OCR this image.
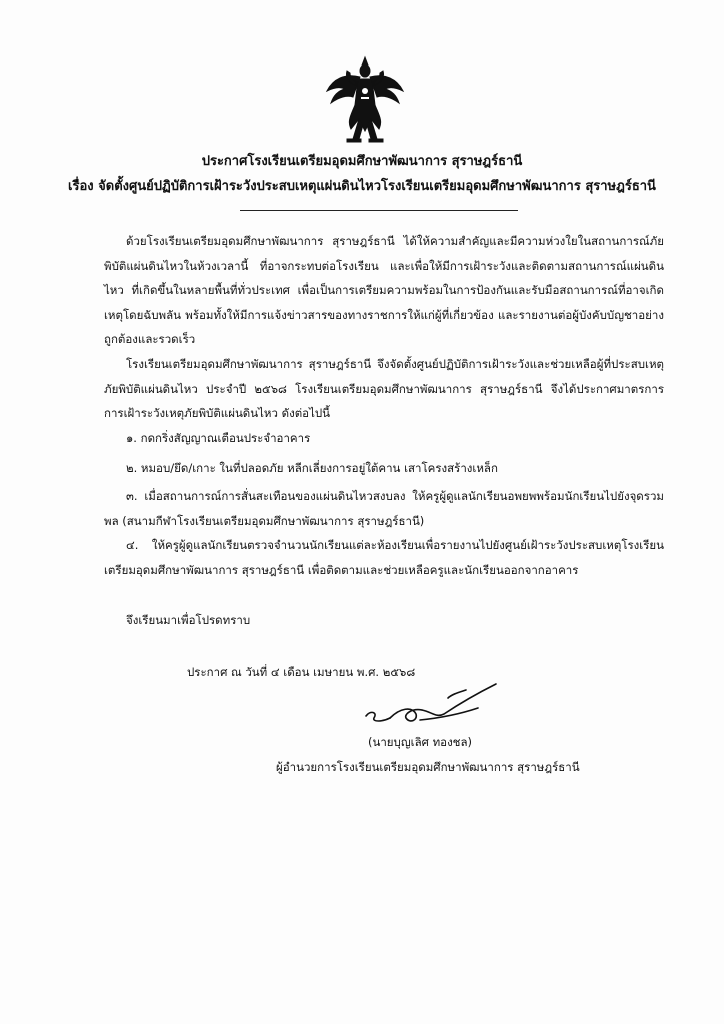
ประกาศโรงเรียนเตรียมอุดมศึกษาพัฒนาการ สุราษฎร์ธานี
เรื่อง จัดตั้งศูนย์ปฏิบัติการเฝ้าระวังประสบเหตุแผ่นดินไหวโรงเรียนเตรียมอุดมศึกษาพัฒนาการ สุราษฎร์ธานี
ด้วยโรงเรียนเตรียมอุดมศึกษาพัฒนาการ สุราษฎร์ธานี ได้ให้ความสำคัญและมีความห่วงใยในสถานการณ์ภัยพิบัติแผ่นดินไหวในห้วงเวลานี้ ที่อาจกระทบต่อโรงเรียน และเพื่อให้มีการเฝ้าระวังและติดตามสถานการณ์แผ่นดินไหว ที่เกิดขึ้นในหลายพื้นที่ทั่วประเทศ เพื่อเป็นการเตรียมความพร้อมในการป้องกันและรับมือสถานการณ์ที่อาจเกิดเหตุโดยฉับพลัน พร้อมทั้งให้มีการแจ้งข่าวสารของทางราชการให้แก่ผู้ที่เกี่ยวข้อง และรายงานต่อผู้บังคับบัญชาอย่างถูกต้องและรวดเร็ว
โรงเรียนเตรียมอุดมศึกษาพัฒนาการ สุราษฎร์ธานี จึงจัดตั้งศูนย์ปฏิบัติการเฝ้าระวังและช่วยเหลือผู้ที่ประสบเหตุภัยพิบัติแผ่นดินไหว ประจำปี ๒๕๖๘ โรงเรียนเตรียมอุดมศึกษาพัฒนาการ สุราษฎร์ธานี จึงได้ประกาศมาตรการ การเฝ้าระวังเหตุภัยพิบัติแผ่นดินไหว ดังต่อไปนี้
๑. กดกริ่งสัญญาณเตือนประจำอาคาร
๒. หมอบ/ยึด/เกาะ ในที่ปลอดภัย หลีกเลี่ยงการอยู่ใต้คาน เสาโครงสร้างเหล็ก
๓. เมื่อสถานการณ์การสั่นสะเทือนของแผ่นดินไหวสงบลง ให้ครูผู้ดูแลนักเรียนอพยพพร้อมนักเรียนไปยังจุดรวมพล (สนามกีฬาโรงเรียนเตรียมอุดมศึกษาพัฒนาการ สุราษฎร์ธานี)
๔. ให้ครูผู้ดูแลนักเรียนตรวจจำนวนนักเรียนแต่ละห้องเรียนเพื่อรายงานไปยังศูนย์เฝ้าระวังประสบเหตุโรงเรียนเตรียมอุดมศึกษาพัฒนาการ สุราษฎร์ธานี เพื่อติดตามและช่วยเหลือครูและนักเรียนออกจากอาคาร
จึงเรียนมาเพื่อโปรดทราบ
ประกาศ ณ วันที่ ๔ เดือน เมษายน พ.ศ. ๒๕๖๘
(นายบุญเลิศ ทองชล)
ผู้อำนวยการโรงเรียนเตรียมอุดมศึกษาพัฒนาการ สุราษฎร์ธานี
